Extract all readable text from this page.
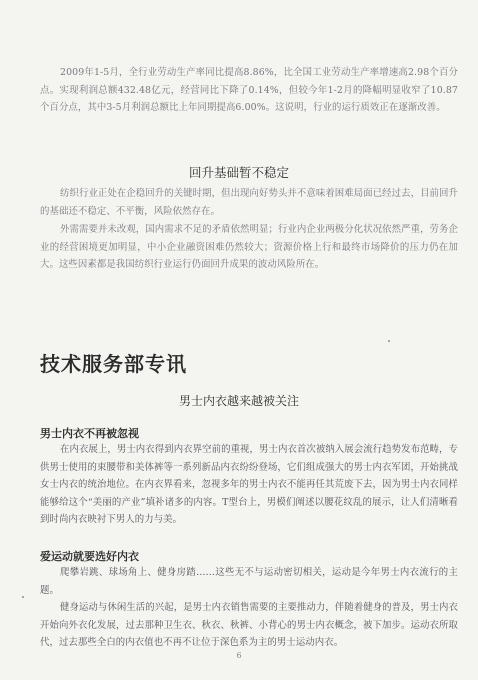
2009年1-5月，全行业劳动生产率同比提高8.86%，比全国工业劳动生产率增速高2.98个百分点。实现利润总额432.48亿元，经营同比下降了0.14%，但较今年1-2月的降幅明显收窄了10.87个百分点，其中3-5月利润总额比上年同期提高6.00%。这说明，行业的运行质效正在逐渐改善。
回升基础暂不稳定
纺织行业正处在企稳回升的关键时期，但出现向好势头并不意味着困难局面已经过去，目前回升的基础还不稳定、不平衡，风险依然存在。
外需需要并未改观，国内需求不足的矛盾依然明显；行业内企业两极分化状况依然严重，劳务企业的经营困境更加明显，中小企业融资困难仍然较大；资源价格上行和最终市场降价的压力仍在加大。这些因素都是我国纺织行业运行仍面回升成果的波动风险所在。
技术服务部专讯
男士内衣越来越被关注
男士内衣不再被忽视
在内衣展上，男士内衣得到内衣界空前的重视，男士内衣首次被纳入展会流行趋势发布范畴，专供男士使用的束腰带和美体裤等一系列新品内衣纷纷登场，它们组成强大的男士内衣军团，开始挑战女士内衣的统治地位。在内衣界看来，忽视多年的男士内衣不能再任其荒废下去，因为男士内衣同样能够给这个“美丽的产业”填补诸多的内容。T型台上，男模们阐述以腰花纹乱的展示，让人们清晰看到时尚内衣映衬下男人的力与美。
爱运动就要选好内衣
爬攀岩跳、球场角上、健身房踏……这些无不与运动密切相关，运动是今年男士内衣流行的主题。
健身运动与休闲生活的兴起，是男士内衣销售需要的主要推动力，伴随着健身的普及，男士内衣开始向外衣化发展，过去那种卫生衣、秋衣、秋裤、小背心的男士内衣概念，被下加步。运动衣所取代，过去那些全白的内衣值也不再不让位于深色系为主的男士运动内衣。
6
